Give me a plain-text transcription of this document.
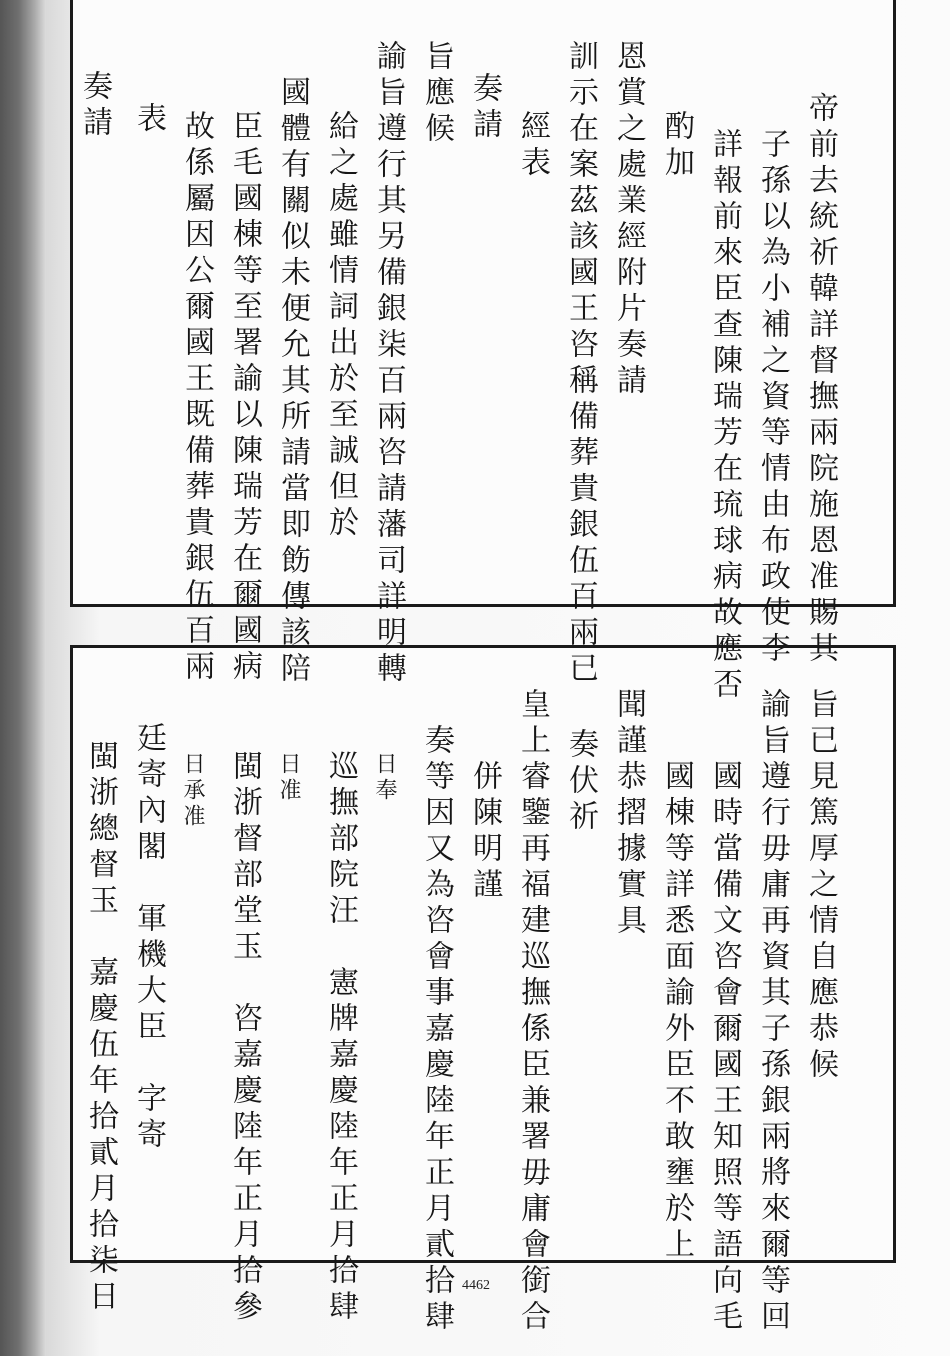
帝前去統祈韓詳督撫兩院施恩准賜其

子孫以為小補之資等情由布政使李

詳報前來臣查陳瑞芳在琉球病故應否

酌加

恩賞之處業經附片奏請

訓示在案茲該國王咨稱備葬貴銀伍百兩已

經表

奏請

旨應候

諭旨遵行其另備銀柒百兩咨請藩司詳明轉

給之處雖情詞出於至誠但於

國體有關似未便允其所請當即飭傳該陪

臣毛國棟等至署諭以陳瑞芳在爾國病

故係屬因公爾國王既備葬貴銀伍百兩

表

奏請

旨已見篤厚之情自應恭候

諭旨遵行毋庸再資其子孫銀兩將來爾等回

國時當備文咨會爾國王知照等語向毛

國棟等詳悉面諭外臣不敢壅於上

聞謹恭摺據實具

奏伏祈

皇上睿鑒再福建巡撫係臣兼署毋庸會銜合

併陳明謹

奏等因又為咨會事嘉慶陸年正月貳拾肆

日奉

巡撫部院汪　憲牌嘉慶陸年正月拾肆

日准

閩浙督部堂玉　咨嘉慶陸年正月拾參

日承准

廷寄內閣　軍機大臣　字寄

閩浙總督玉　嘉慶伍年拾貳月拾柒日	4462
